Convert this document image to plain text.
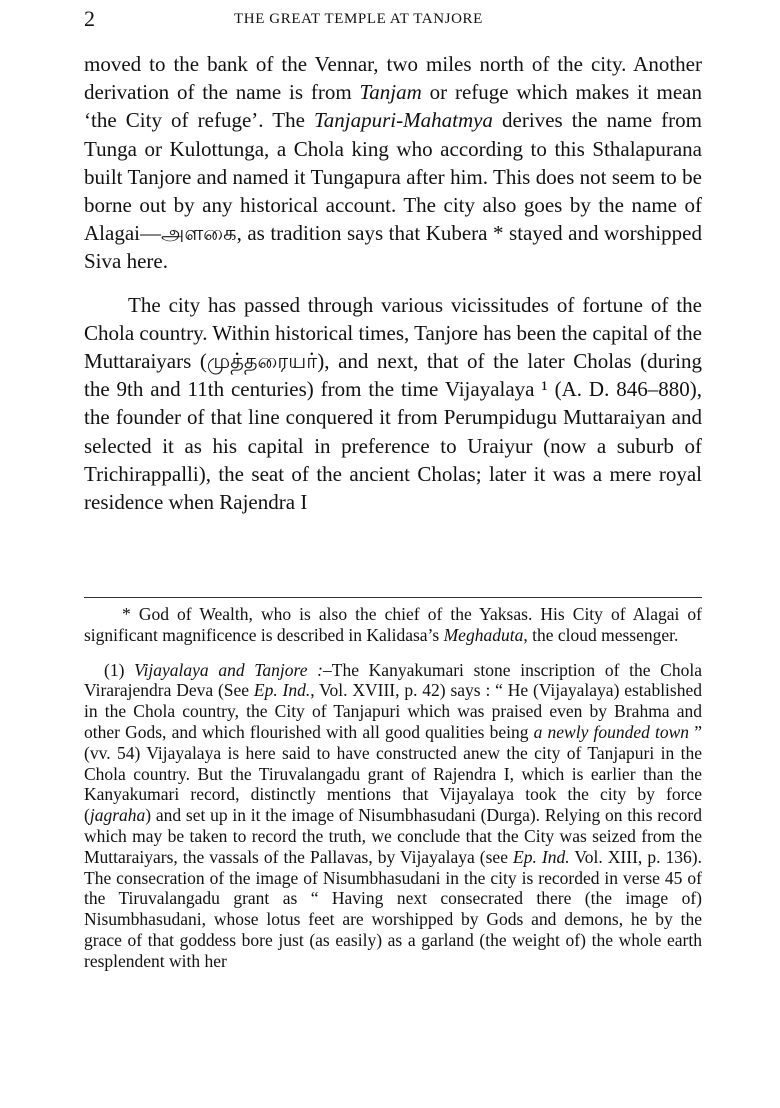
2	THE GREAT TEMPLE AT TANJORE

moved to the bank of the Vennar, two miles north of the city. Another derivation of the name is from Tanjam or refuge which makes it mean ‘the City of refuge’. The Tanjapuri-Mahatmya derives the name from Tunga or Kulottunga, a Chola king who according to this Sthalapurana built Tanjore and named it Tungapura after him. This does not seem to be borne out by any historical account. The city also goes by the name of Alagai—அளகை, as tradition says that Kubera * stayed and worshipped Siva here.

The city has passed through various vicissitudes of fortune of the Chola country. Within historical times, Tanjore has been the capital of the Muttaraiyars (முத்தரையர்), and next, that of the later Cholas (during the 9th and 11th centuries) from the time Vijayalaya ¹ (A. D. 846–880), the founder of that line conquered it from Perumpidugu Muttaraiyan and selected it as his capital in preference to Uraiyur (now a suburb of Trichirappalli), the seat of the ancient Cholas; later it was a mere royal residence when Rajendra I

* God of Wealth, who is also the chief of the Yaksas. His City of Alagai of significant magnificence is described in Kalidasa’s Meghaduta, the cloud messenger.

(1) Vijayalaya and Tanjore :–The Kanyakumari stone inscription of the Chola Virarajendra Deva (See Ep. Ind., Vol. XVIII, p. 42) says : “ He (Vijayalaya) established in the Chola country, the City of Tanjapuri which was praised even by Brahma and other Gods, and which flourished with all good qualities being a newly founded town ” (vv. 54) Vijayalaya is here said to have constructed anew the city of Tanjapuri in the Chola country. But the Tiruvalangadu grant of Rajendra I, which is earlier than the Kanyakumari record, distinctly mentions that Vijayalaya took the city by force (jagraha) and set up in it the image of Nisumbhasudani (Durga). Relying on this record which may be taken to record the truth, we conclude that the City was seized from the Muttaraiyars, the vassals of the Pallavas, by Vijayalaya (see Ep. Ind. Vol. XIII, p. 136). The consecration of the image of Nisumbhasudani in the city is recorded in verse 45 of the Tiruvalangadu grant as “ Having next consecrated there (the image of) Nisumbhasudani, whose lotus feet are worshipped by Gods and demons, he by the grace of that goddess bore just (as easily) as a garland (the weight of) the whole earth resplendent with her
